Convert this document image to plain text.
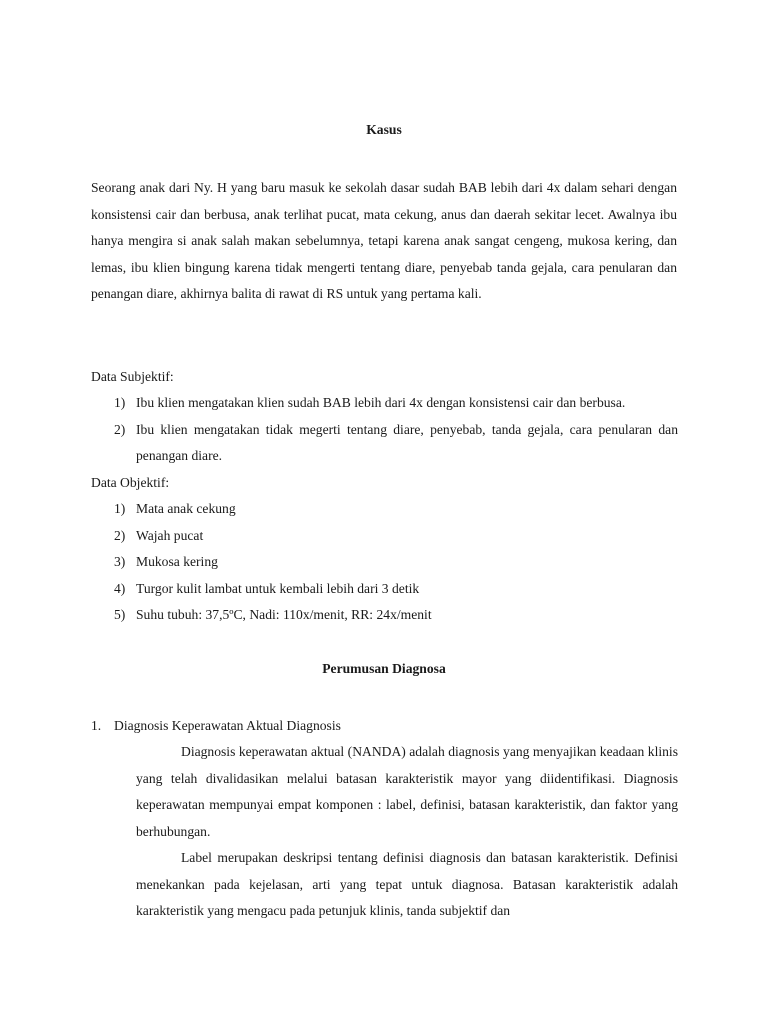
Kasus
Seorang anak dari Ny. H yang baru masuk ke sekolah dasar sudah BAB lebih dari 4x dalam sehari dengan konsistensi cair dan berbusa, anak terlihat pucat, mata cekung, anus dan daerah sekitar lecet. Awalnya ibu hanya mengira si anak salah makan sebelumnya, tetapi karena anak sangat cengeng, mukosa kering, dan lemas, ibu klien bingung karena tidak mengerti tentang diare, penyebab tanda gejala, cara penularan dan penangan diare, akhirnya balita di rawat di RS untuk yang pertama kali.
Data Subjektif:
1) Ibu klien mengatakan klien sudah BAB lebih dari 4x dengan konsistensi cair dan berbusa.
2) Ibu klien mengatakan tidak megerti tentang diare, penyebab, tanda gejala, cara penularan dan penangan diare.
Data Objektif:
1) Mata anak cekung
2) Wajah pucat
3) Mukosa kering
4) Turgor kulit lambat untuk kembali lebih dari 3 detik
5) Suhu tubuh: 37,5ºC, Nadi: 110x/menit, RR: 24x/menit
Perumusan Diagnosa
1. Diagnosis Keperawatan Aktual Diagnosis
Diagnosis keperawatan aktual (NANDA) adalah diagnosis yang menyajikan keadaan klinis yang telah divalidasikan melalui batasan karakteristik mayor yang diidentifikasi. Diagnosis keperawatan mempunyai empat komponen : label, definisi, batasan karakteristik, dan faktor yang berhubungan.
Label merupakan deskripsi tentang definisi diagnosis dan batasan karakteristik. Definisi menekankan pada kejelasan, arti yang tepat untuk diagnosa. Batasan karakteristik adalah karakteristik yang mengacu pada petunjuk klinis, tanda subjektif dan
